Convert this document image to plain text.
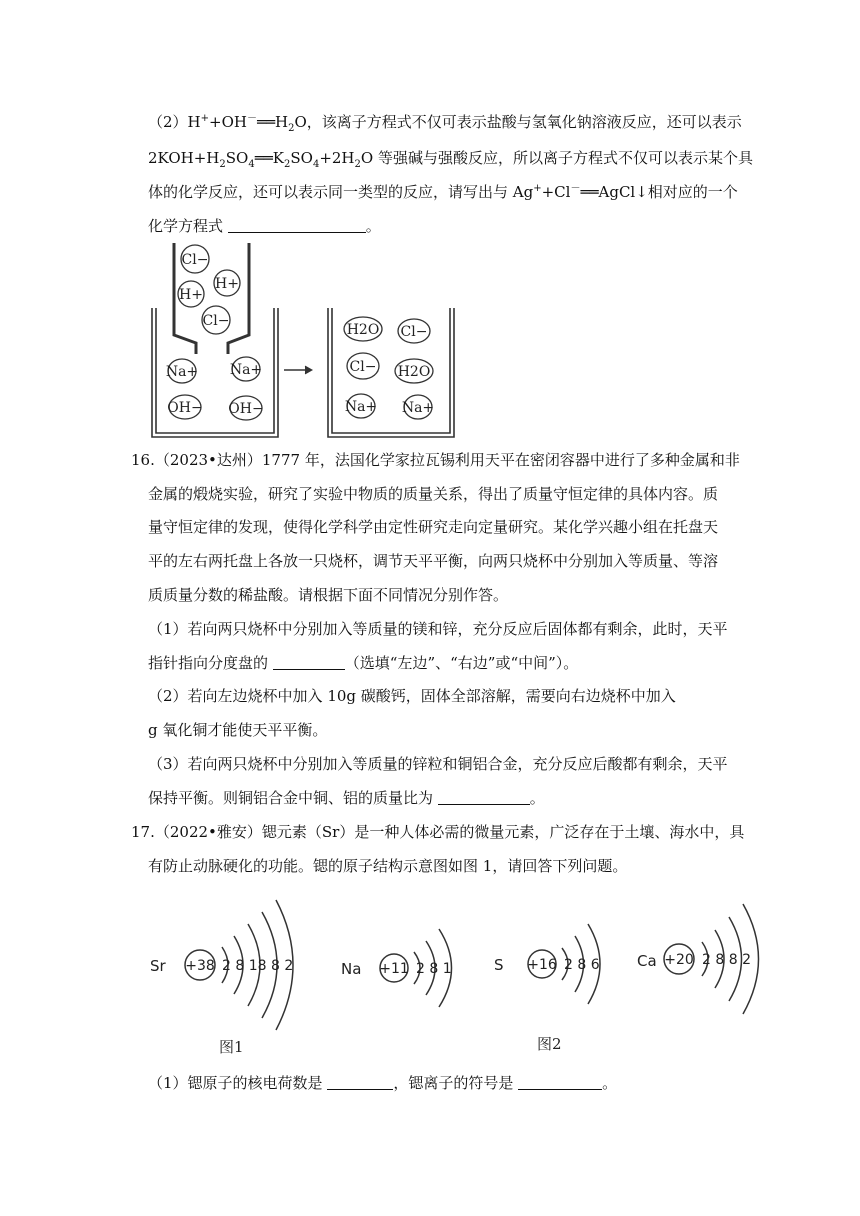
$(2)H^++OH^-══H_2O$，该离子方程式不仅可表示盐酸与氢氧化钠溶液反应，还可以表示
$2KOH+H_2SO_4══K_2SO_4+2H_2O$ 等强碱与强酸反应，所以离子方程式不仅可以表示某个具
体的化学反应，还可以表示同一类型的反应，请写出与 Ag++Cl－══AgCl↓相对应的一个
化学方程式	。
Cl−
H+
H+
Cl−
Na+ Na+
OH− OH−
H2O Cl−
Cl− H2O
Na+ Na+
Sr	Na	S	Ca
+38	+11	+16	+20
2 8 18 8 2	2 8 1	2 8 6	2 8 8 2
图1	图2
16.（2023•达州）1777 年，法国化学家拉瓦锡利用天平在密闭容器中进行了多种金属和非
金属的煅烧实验，研究了实验中物质的质量关系，得出了质量守恒定律的具体内容。质
量守恒定律的发现，使得化学科学由定性研究走向定量研究。某化学兴趣小组在托盘天
平的左右两托盘上各放一只烧杯，调节天平平衡，向两只烧杯中分别加入等质量、等溶
质质量分数的稀盐酸。请根据下面不同情况分别作答。
（1）若向两只烧杯中分别加入等质量的镁和锌，充分反应后固体都有剩余，此时，天平
指针指向分度盘的	（选填“左边”、“右边”或“中间”）。
（2）若向左边烧杯中加入 10g 碳酸钙，固体全部溶解，需要向右边烧杯中加入
g 氧化铜才能使天平平衡。
（3）若向两只烧杯中分别加入等质量的锌粒和铜铝合金，充分反应后酸都有剩余，天平
保持平衡。则铜铝合金中铜、铝的质量比为	。
17.（2022•雅安）锶元素（Sr）是一种人体必需的微量元素，广泛存在于土壤、海水中，具
有防止动脉硬化的功能。锶的原子结构示意图如图 1，请回答下列问题。
（1）锶原子的核电荷数是	，锶离子的符号是	。
